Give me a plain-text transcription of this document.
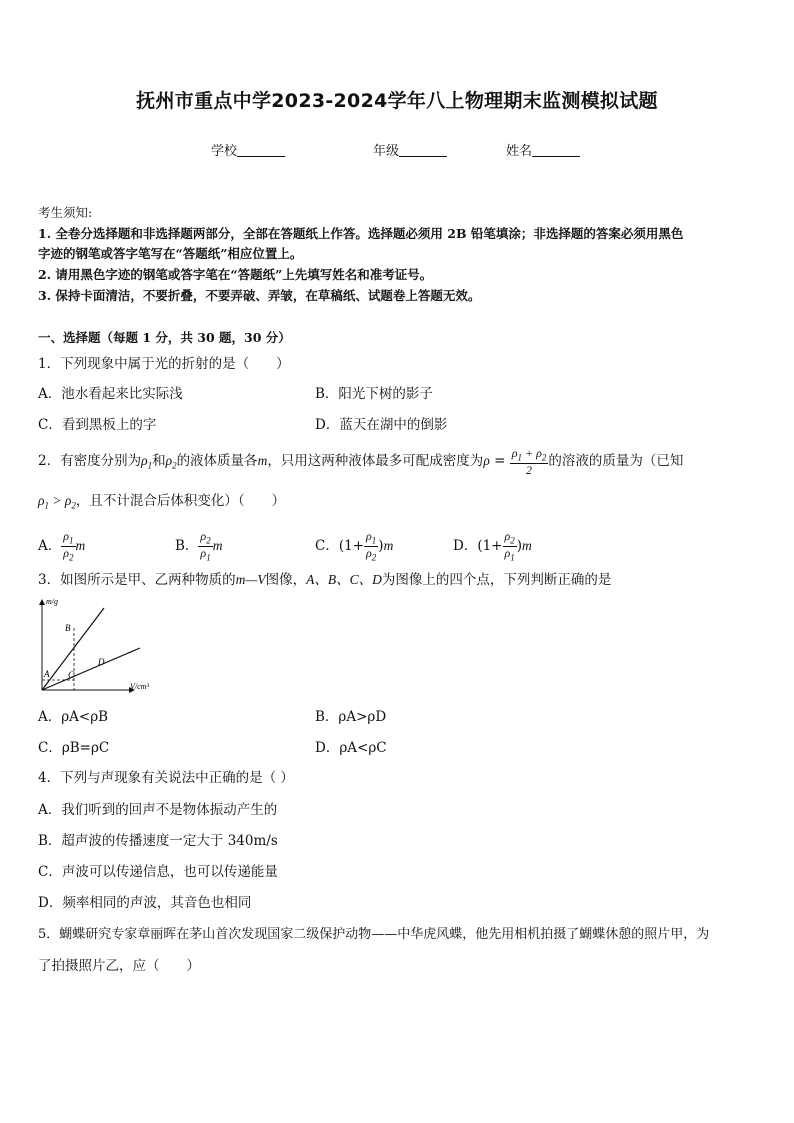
抚州市重点中学2023-2024学年八上物理期末监测模拟试题
学校	年级	姓名
考生须知:
1. 全卷分选择题和非选择题两部分，全部在答题纸上作答。选择题必须用 2B 铅笔填涂；非选择题的答案必须用黑色
字迹的钢笔或答字笔写在“答题纸”相应位置上。
2. 请用黑色字迹的钢笔或答字笔在“答题纸”上先填写姓名和准考证号。
3. 保持卡面清洁，不要折叠，不要弄破、弄皱，在草稿纸、试题卷上答题无效。
一、选择题（每题 1 分，共 30 题，30 分）
1．下列现象中属于光的折射的是（　　）
A．池水看起来比实际浅	B．阳光下树的影子
C．看到黑板上的字	D．蓝天在湖中的倒影
2．有密度分别为$\rho_1$和$\rho_2$的液体质量各m，只用这两种液体最多可配成密度为$\rho = \frac{\rho_1 + \rho_2}{2}$ 的溶液的质量为（已知
$\rho_1 > \rho_2$，且不计混合后体积变化）（　　）
A． $\frac{\rho_1}{\rho_2}$ m	B． $\frac{\rho_2}{\rho_1}$ m	C．$(1+ \frac{\rho_1}{\rho_2} )m$	D．$(1+ \frac{\rho_2}{\rho_1} )m$
3．如图所示是甲、乙两种物质的m—V图像，A、B、C、D为图像上的四个点，下列判断正确的是
m/g
V/cm³
A
B
C
D
A．ρA<ρB	B．ρA>ρD
C．ρB=ρC	D．ρA<ρC
4．下列与声现象有关说法中正确的是（ ）
A．我们听到的回声不是物体振动产生的
B．超声波的传播速度一定大于 340m/s
C．声波可以传递信息，也可以传递能量
D．频率相同的声波，其音色也相同
5．蝴蝶研究专家章丽晖在茅山首次发现国家二级保护动物——中华虎风蝶，他先用相机拍摄了蝴蝶休憩的照片甲，为
了拍摄照片乙，应（　　）
